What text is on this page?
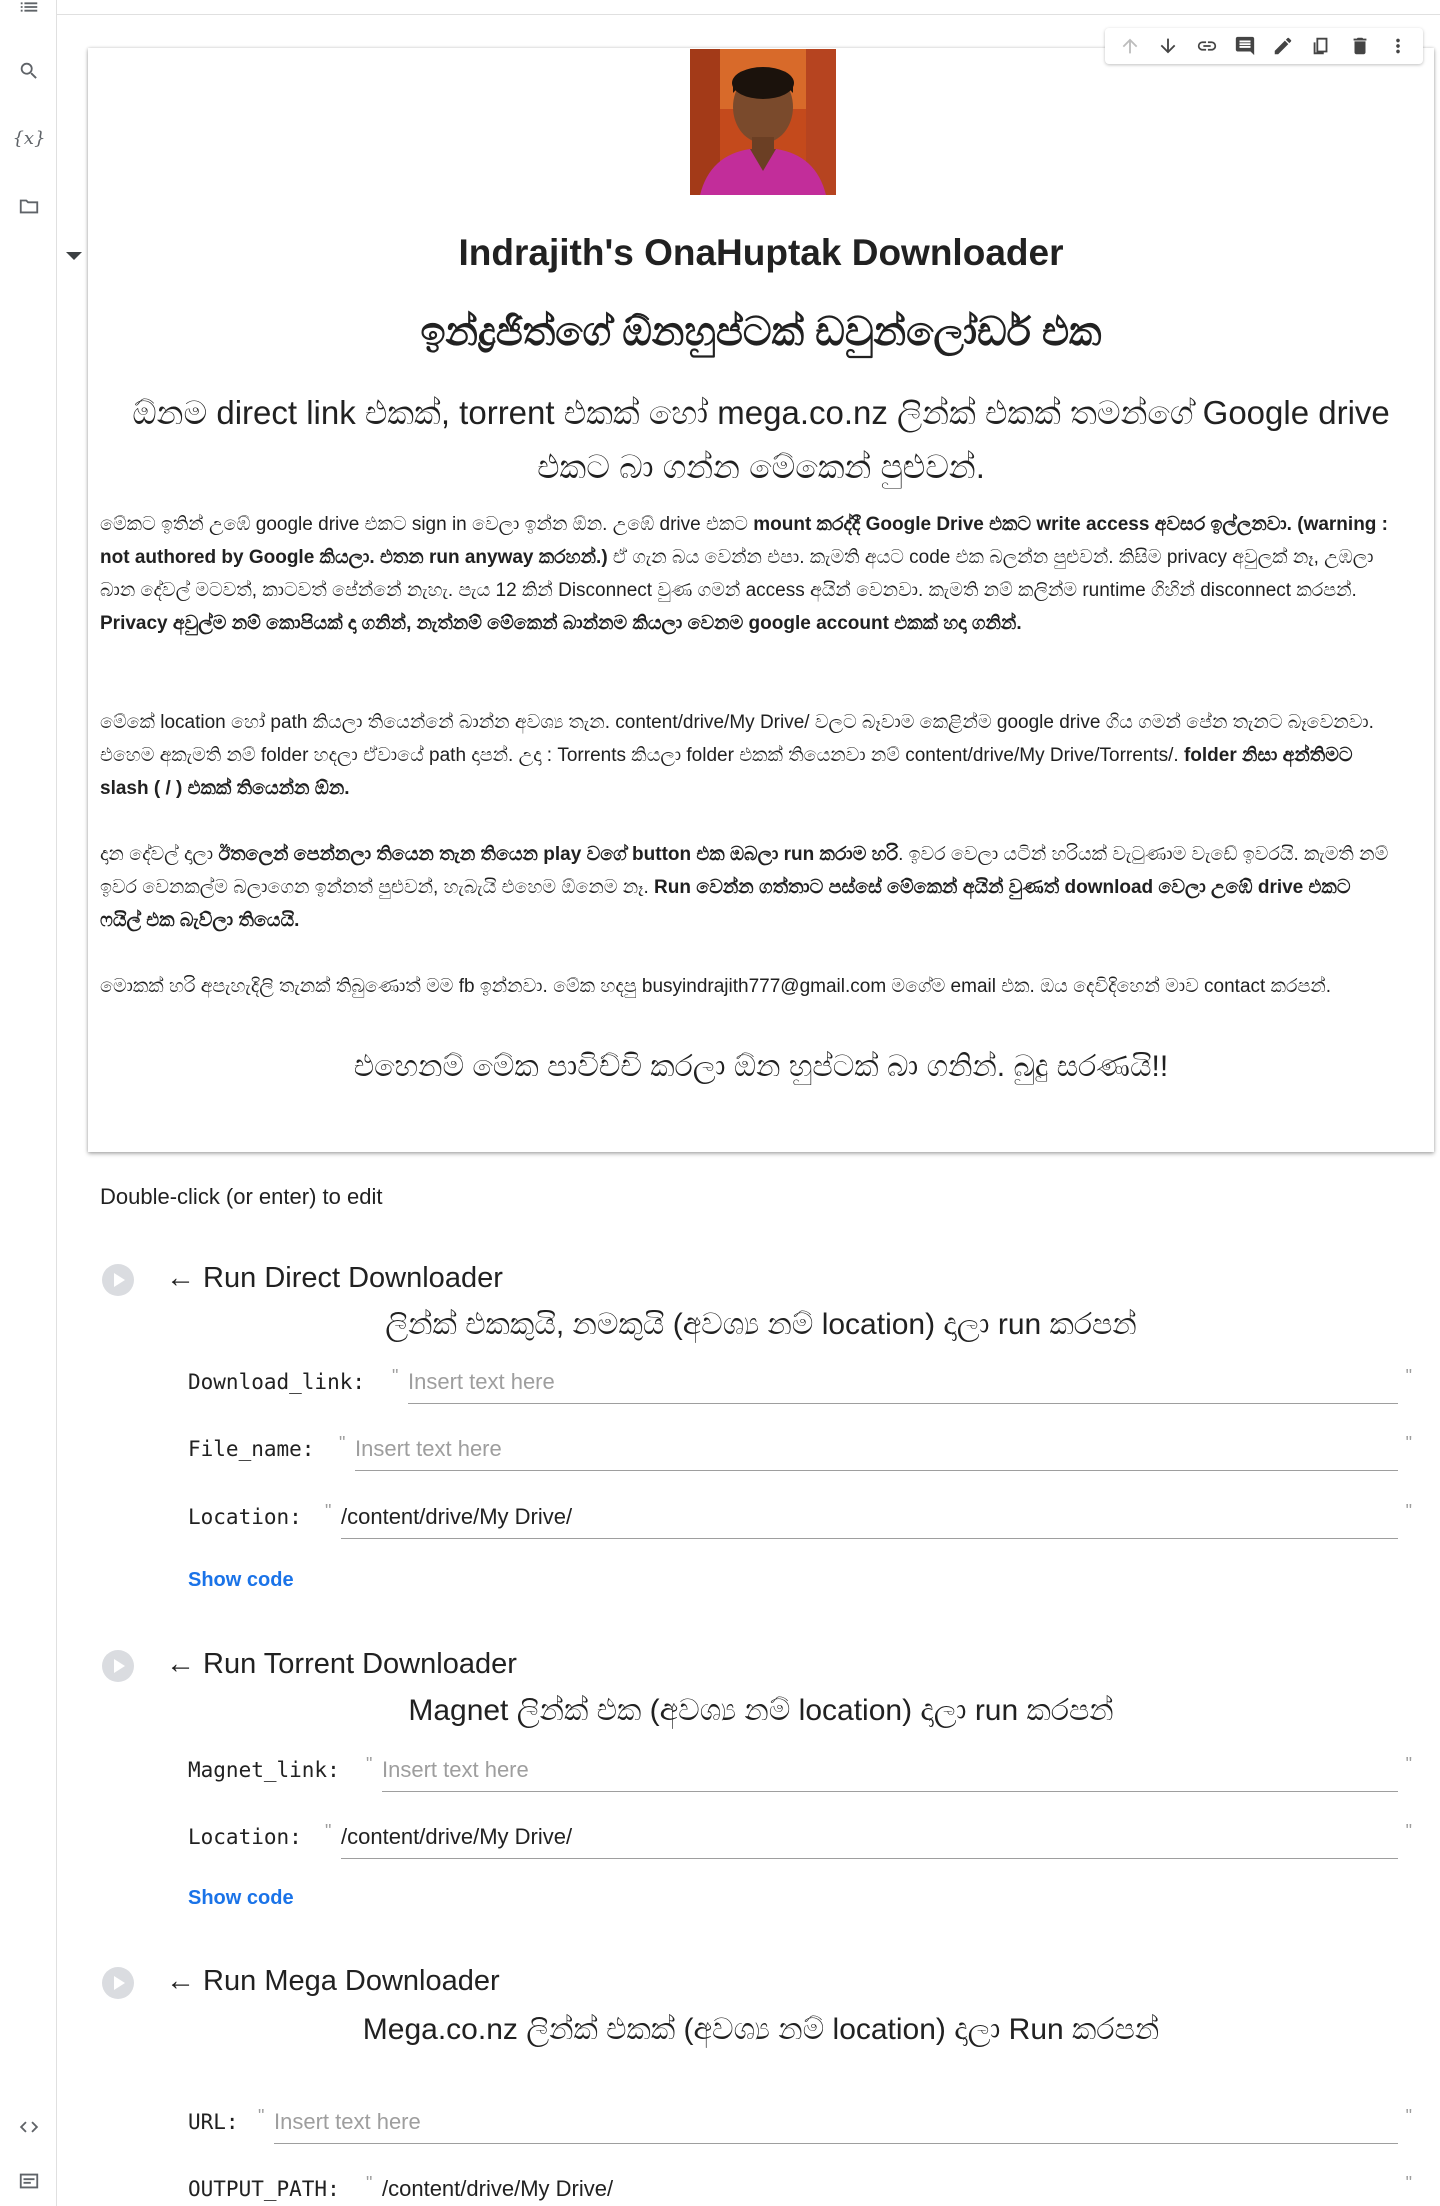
{x}
Indrajith's OnaHuptak Downloader
ඉන්ද්‍රජිත්ගේ ඕනහුප්ටක් ඩවුන්ලෝඩර් එක
ඕනම direct link එකක්, torrent එකක් හෝ mega.co.nz ලින්ක් එකක් තමන්ගේ Google drive එකට බා ගන්න මේකෙන් පුළුවන්.
මේකට ඉතින් උඹේ google drive එකට sign in වෙලා ඉන්න ඕන. උඹේ drive එකට mount කරද්දී Google Drive එකට write access අවසර ඉල්ලනවා. (warning : not authored by Google කියලා. එතන run anyway කරහන්.) ඒ ගැන බය වෙන්න එපා. කැමති අයට code එක බලන්න පුළුවන්. කිසිම privacy අවුලක් නෑ, උඹලා බාන දේවල් මටවත්, කාටවත් පේන්නේ නැහැ. පැය 12 කින් Disconnect වුණ ගමන් access අයින් වෙනවා. කැමති නම් කලින්ම runtime ගිහින් disconnect කරපන්. Privacy අවුල්ම නම් කොපියක් දා ගනින්, නැත්නම් මේකෙන් බාන්නම කියලා වෙනම google account එකක් හදා ගනින්.
මේකේ location හෝ path කියලා තියෙන්නේ බාන්න අවශ්‍ය තැන. content/drive/My Drive/ වලට බෑවාම කෙළින්ම google drive ගිය ගමන් පේන තැනට බෑවෙනවා. එහෙම අකැමති නම් folder හදලා ඒවායේ path දාපන්. උදා : Torrents කියලා folder එකක් තියෙනවා නම් content/drive/My Drive/Torrents/. folder නිසා අන්තිමට slash ( / ) එකක් තියෙන්න ඕන.
දාන දේවල් දාලා ඊතලෙන් පෙන්නලා තියෙන තැන තියෙන play වගේ button එක ඔබලා run කරාම හරි. ඉවර වෙලා යටින් හරියක් වැටුණාම වැඩේ ඉවරයි. කැමති නම් ඉවර වෙනකල්ම බලාගෙන ඉන්නත් පුළුවන්, හැබැයි එහෙම ඕනෙම නෑ. Run වෙන්න ගත්තාට පස්සේ මේකෙන් අයින් වුණත් download වෙලා උඹේ drive එකට ෆයිල් එක බැව්ලා තියෙයි.
මොකක් හරි අපැහැදිලි තැනක් තිබුණොත් මම fb ඉන්නවා. මේක හදපු busyindrajith777@gmail.com මගේම email එක. ඔය දෙවිදිහෙන් මාව contact කරපන්.
එහෙනම් මේක පාවිච්චි කරලා ඕන හුප්ටක් බා ගනින්. බුදු සරණයි!!
Double-click (or enter) to edit
← Run Direct Downloader
ලින්ක් එකකුයි, නමකුයි (අවශ්‍ය නම් location) දාලා run කරපන්
Download_link: " Insert text here	"
File_name: " Insert text here	"
Location: " /content/drive/My Drive/	"
Show code
← Run Torrent Downloader
Magnet ලින්ක් එක (අවශ්‍ය නම් location) දාලා run කරපන්
Magnet_link: " Insert text here	"
Location: " /content/drive/My Drive/	"
Show code
← Run Mega Downloader
Mega.co.nz ලින්ක් එකක් (අවශ්‍ය නම් location) දාලා Run කරපන්
URL: " Insert text here	"
OUTPUT_PATH: " /content/drive/My Drive/	"
